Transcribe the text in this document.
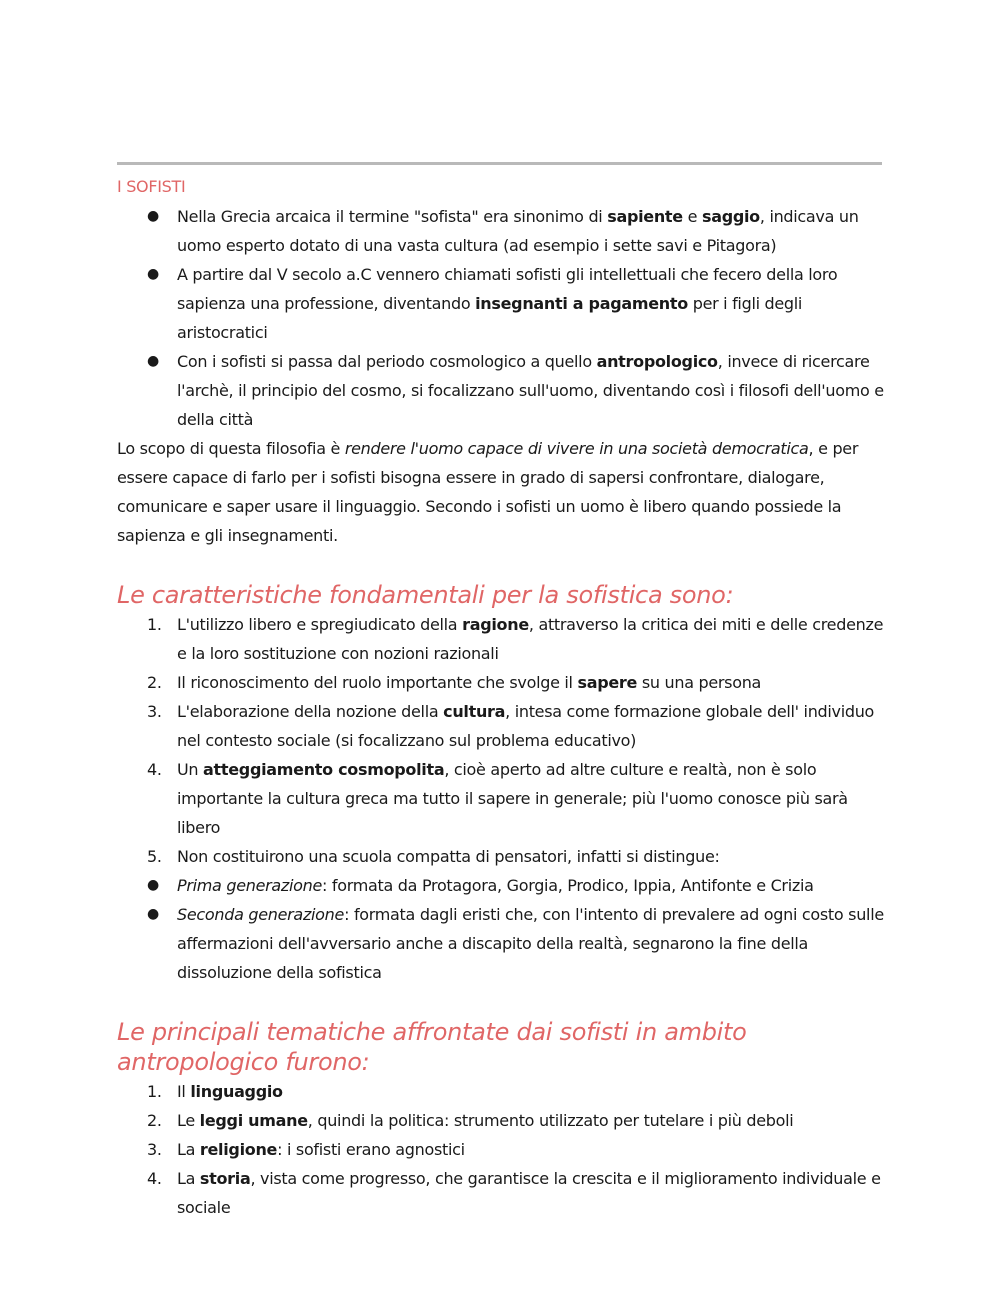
I SOFISTI
●	Nella Grecia arcaica il termine "sofista" era sinonimo di sapiente e saggio, indicava un uomo esperto dotato di una vasta cultura (ad esempio i sette savi e Pitagora)
●	A partire dal V secolo a.C vennero chiamati sofisti gli intellettuali che fecero della loro sapienza una professione, diventando insegnanti a pagamento per i figli degli aristocratici
●	Con i sofisti si passa dal periodo cosmologico a quello antropologico, invece di ricercare l'archè, il principio del cosmo, si focalizzano sull'uomo, diventando così i filosofi dell'uomo e della città

Lo scopo di questa filosofia è rendere l'uomo capace di vivere in una società democratica, e per essere capace di farlo per i sofisti bisogna essere in grado di sapersi confrontare, dialogare, comunicare e saper usare il linguaggio. Secondo i sofisti un uomo è libero quando possiede la sapienza e gli insegnamenti.

Le caratteristiche fondamentali per la sofistica sono:
1. L'utilizzo libero e spregiudicato della ragione, attraverso la critica dei miti e delle credenze e la loro sostituzione con nozioni razionali
2. Il riconoscimento del ruolo importante che svolge il sapere su una persona
3. L'elaborazione della nozione della cultura, intesa come formazione globale dell' individuo nel contesto sociale (si focalizzano sul problema educativo)
4. Un atteggiamento cosmopolita, cioè aperto ad altre culture e realtà, non è solo importante la cultura greca ma tutto il sapere in generale; più l'uomo conosce più sarà libero
5. Non costituirono una scuola compatta di pensatori, infatti si distingue:
●	Prima generazione: formata da Protagora, Gorgia, Prodico, Ippia, Antifonte e Crizia
●	Seconda generazione: formata dagli eristi che, con l'intento di prevalere ad ogni costo sulle affermazioni dell'avversario anche a discapito della realtà, segnarono la fine della dissoluzione della sofistica
Le principali tematiche affrontate dai sofisti in ambito antropologico furono:
1. Il linguaggio
2. Le leggi umane, quindi la politica: strumento utilizzato per tutelare i più deboli
3. La religione: i sofisti erano agnostici
4. La storia, vista come progresso, che garantisce la crescita e il miglioramento individuale e sociale
